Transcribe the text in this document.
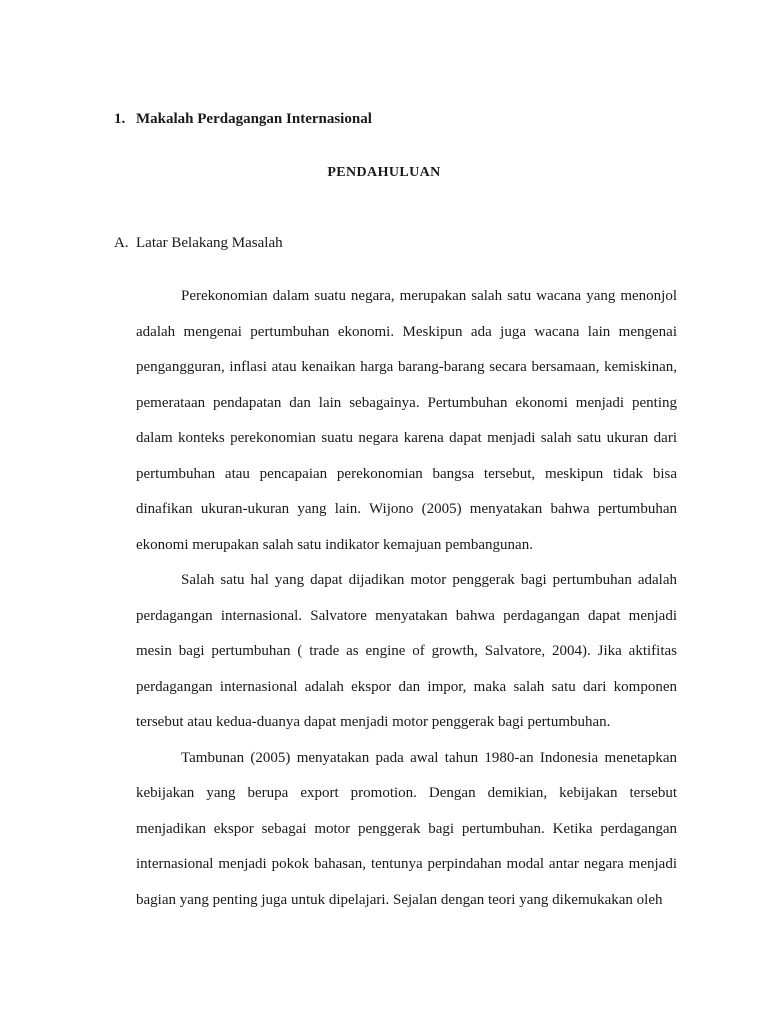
1. Makalah Perdagangan Internasional
PENDAHULUAN
A. Latar Belakang Masalah

Perekonomian dalam suatu negara, merupakan salah satu wacana yang menonjol adalah mengenai pertumbuhan ekonomi. Meskipun ada juga wacana lain mengenai pengangguran, inflasi atau kenaikan harga barang-barang secara bersamaan, kemiskinan, pemerataan pendapatan dan lain sebagainya. Pertumbuhan ekonomi menjadi penting dalam konteks perekonomian suatu negara karena dapat menjadi salah satu ukuran dari pertumbuhan atau pencapaian perekonomian bangsa tersebut, meskipun tidak bisa dinafikan ukuran-ukuran yang lain. Wijono (2005) menyatakan bahwa pertumbuhan ekonomi merupakan salah satu indikator kemajuan pembangunan.

Salah satu hal yang dapat dijadikan motor penggerak bagi pertumbuhan adalah perdagangan internasional. Salvatore menyatakan bahwa perdagangan dapat menjadi mesin bagi pertumbuhan ( trade as engine of growth, Salvatore, 2004). Jika aktifitas perdagangan internasional adalah ekspor dan impor, maka salah satu dari komponen tersebut atau kedua-duanya dapat menjadi motor penggerak bagi pertumbuhan.

Tambunan (2005) menyatakan pada awal tahun 1980-an Indonesia menetapkan kebijakan yang berupa export promotion. Dengan demikian, kebijakan tersebut menjadikan ekspor sebagai motor penggerak bagi pertumbuhan. Ketika perdagangan internasional menjadi pokok bahasan, tentunya perpindahan modal antar negara menjadi bagian yang penting juga untuk dipelajari. Sejalan dengan teori yang dikemukakan oleh
